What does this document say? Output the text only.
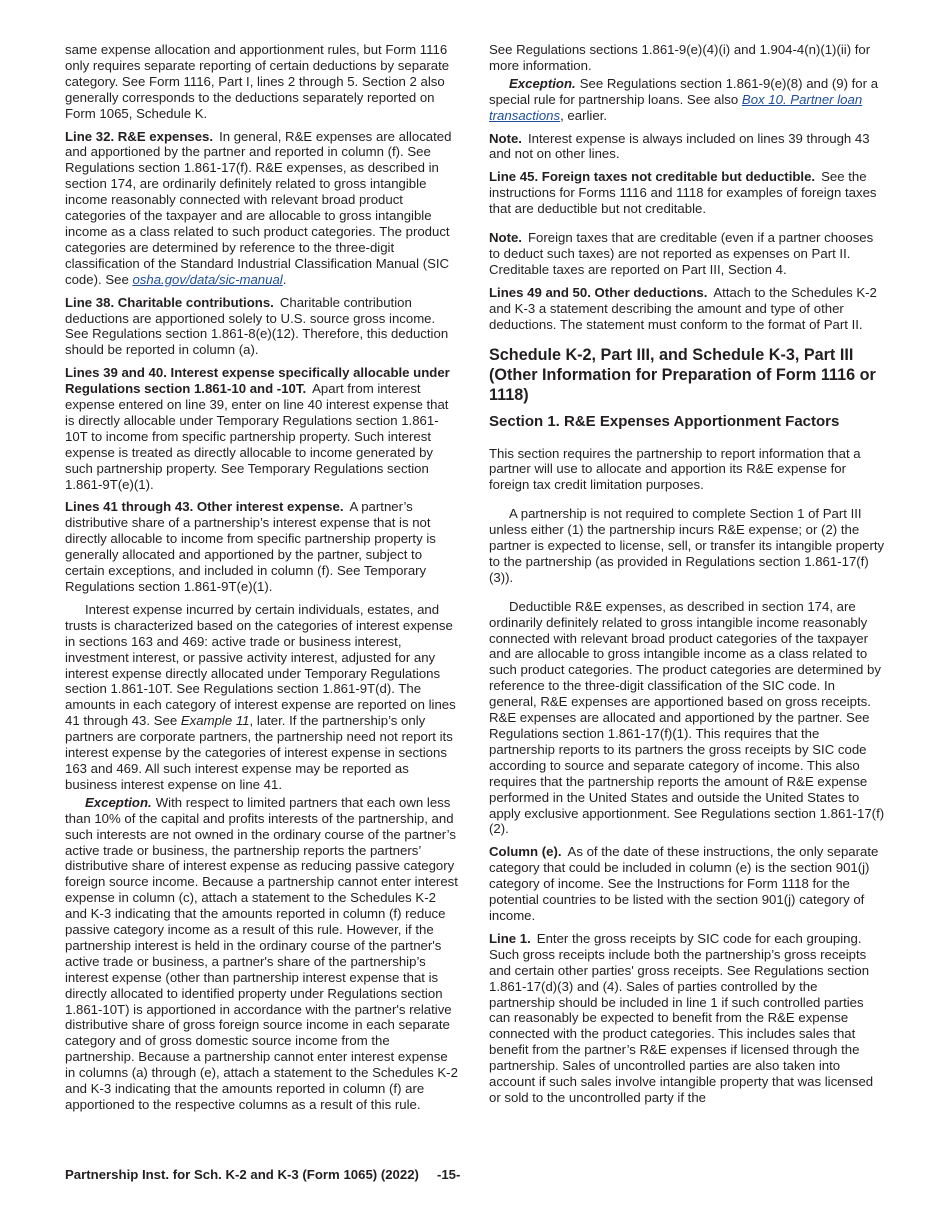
same expense allocation and apportionment rules, but Form 1116 only requires separate reporting of certain deductions by separate category. See Form 1116, Part I, lines 2 through 5. Section 2 also generally corresponds to the deductions separately reported on Form 1065, Schedule K.

Line 32. R&E expenses. In general, R&E expenses are allocated and apportioned by the partner and reported in column (f). See Regulations section 1.861-17(f). R&E expenses, as described in section 174, are ordinarily definitely related to gross intangible income reasonably connected with relevant broad product categories of the taxpayer and are allocable to gross intangible income as a class related to such product categories. The product categories are determined by reference to the three-digit classification of the Standard Industrial Classification Manual (SIC code). See osha.gov/data/sic-manual.

Line 38. Charitable contributions. Charitable contribution deductions are apportioned solely to U.S. source gross income. See Regulations section 1.861-8(e)(12). Therefore, this deduction should be reported in column (a).

Lines 39 and 40. Interest expense specifically allocable under Regulations section 1.861-10 and -10T. Apart from interest expense entered on line 39, enter on line 40 interest expense that is directly allocable under Temporary Regulations section 1.861-10T to income from specific partnership property. Such interest expense is treated as directly allocable to income generated by such partnership property. See Temporary Regulations section 1.861-9T(e)(1).

Lines 41 through 43. Other interest expense. A partner’s distributive share of a partnership’s interest expense that is not directly allocable to income from specific partnership property is generally allocated and apportioned by the partner, subject to certain exceptions, and included in column (f). See Temporary Regulations section 1.861-9T(e)(1).

Interest expense incurred by certain individuals, estates, and trusts is characterized based on the categories of interest expense in sections 163 and 469: active trade or business interest, investment interest, or passive activity interest, adjusted for any interest expense directly allocated under Temporary Regulations section 1.861-10T. See Regulations section 1.861-9T(d). The amounts in each category of interest expense are reported on lines 41 through 43. See Example 11, later. If the partnership’s only partners are corporate partners, the partnership need not report its interest expense by the categories of interest expense in sections 163 and 469. All such interest expense may be reported as business interest expense on line 41.

Exception. With respect to limited partners that each own less than 10% of the capital and profits interests of the partnership, and such interests are not owned in the ordinary course of the partner’s active trade or business, the partnership reports the partners’ distributive share of interest expense as reducing passive category foreign source income. Because a partnership cannot enter interest expense in column (c), attach a statement to the Schedules K-2 and K-3 indicating that the amounts reported in column (f) reduce passive category income as a result of this rule. However, if the partnership interest is held in the ordinary course of the partner's active trade or business, a partner's share of the partnership’s interest expense (other than partnership interest expense that is directly allocated to identified property under Regulations section 1.861-10T) is apportioned in accordance with the partner's relative distributive share of gross foreign source income in each separate category and of gross domestic source income from the partnership. Because a partnership cannot enter interest expense in columns (a) through (e), attach a statement to the Schedules K-2 and K-3 indicating that the amounts reported in column (f) are apportioned to the respective columns as a result of this rule.

See Regulations sections 1.861-9(e)(4)(i) and 1.904-4(n)(1)(ii) for more information.

Exception. See Regulations section 1.861-9(e)(8) and (9) for a special rule for partnership loans. See also Box 10. Partner loan transactions, earlier.

Note. Interest expense is always included on lines 39 through 43 and not on other lines.

Line 45. Foreign taxes not creditable but deductible. See the instructions for Forms 1116 and 1118 for examples of foreign taxes that are deductible but not creditable.

Note. Foreign taxes that are creditable (even if a partner chooses to deduct such taxes) are not reported as expenses on Part II. Creditable taxes are reported on Part III, Section 4.

Lines 49 and 50. Other deductions. Attach to the Schedules K-2 and K-3 a statement describing the amount and type of other deductions. The statement must conform to the format of Part II.

Schedule K-2, Part III, and Schedule K-3, Part III (Other Information for Preparation of Form 1116 or 1118)
Section 1. R&E Expenses Apportionment Factors

This section requires the partnership to report information that a partner will use to allocate and apportion its R&E expense for foreign tax credit limitation purposes.

A partnership is not required to complete Section 1 of Part III unless either (1) the partnership incurs R&E expense; or (2) the partner is expected to license, sell, or transfer its intangible property to the partnership (as provided in Regulations section 1.861-17(f)(3)).

Deductible R&E expenses, as described in section 174, are ordinarily definitely related to gross intangible income reasonably connected with relevant broad product categories of the taxpayer and are allocable to gross intangible income as a class related to such product categories. The product categories are determined by reference to the three-digit classification of the SIC code. In general, R&E expenses are apportioned based on gross receipts. R&E expenses are allocated and apportioned by the partner. See Regulations section 1.861-17(f)(1). This requires that the partnership reports to its partners the gross receipts by SIC code according to source and separate category of income. This also requires that the partnership reports the amount of R&E expense performed in the United States and outside the United States to apply exclusive apportionment. See Regulations section 1.861-17(f)(2).

Column (e). As of the date of these instructions, the only separate category that could be included in column (e) is the section 901(j) category of income. See the Instructions for Form 1118 for the potential countries to be listed with the section 901(j) category of income.

Line 1. Enter the gross receipts by SIC code for each grouping. Such gross receipts include both the partnership’s gross receipts and certain other parties' gross receipts. See Regulations section 1.861-17(d)(3) and (4). Sales of parties controlled by the partnership should be included in line 1 if such controlled parties can reasonably be expected to benefit from the R&E expense connected with the product categories. This includes sales that benefit from the partner’s R&E expenses if licensed through the partnership. Sales of uncontrolled parties are also taken into account if such sales involve intangible property that was licensed or sold to the uncontrolled party if the

Partnership Inst. for Sch. K-2 and K-3 (Form 1065) (2022) -15-
